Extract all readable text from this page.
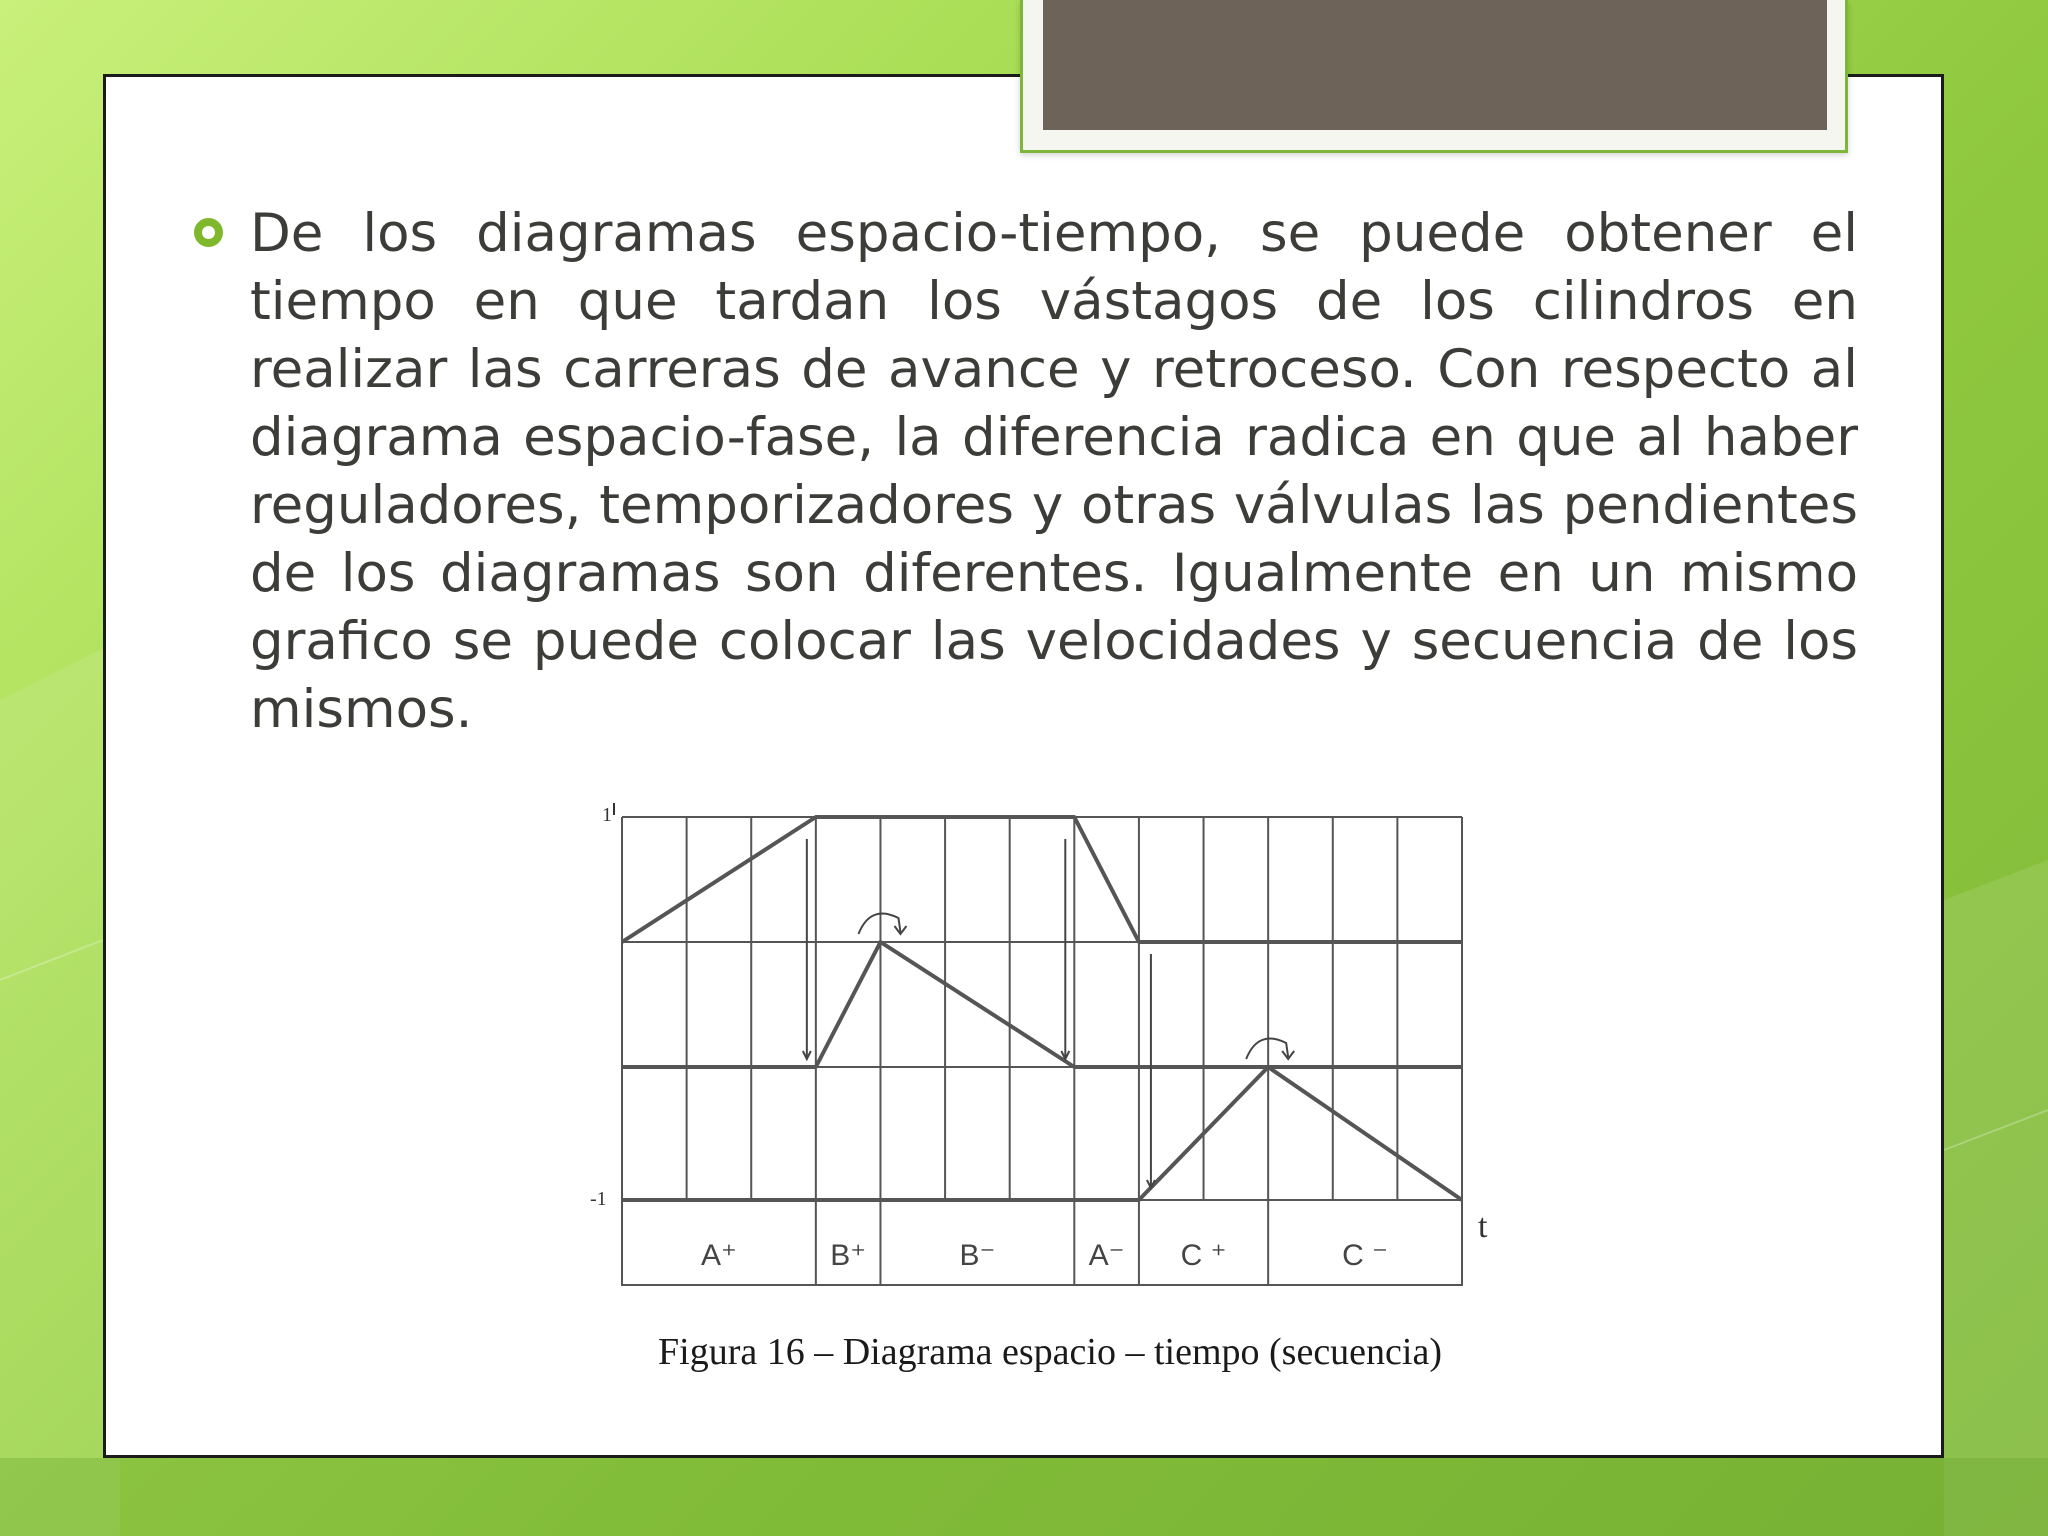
De los diagramas espacio-tiempo, se puede obtener el tiempo en que tardan los vástagos de los cilindros en realizar las carreras de avance y retroceso. Con respecto al diagrama espacio-fase, la diferencia radica en que al haber reguladores, temporizadores y otras válvulas las pendientes de los diagramas son diferentes. Igualmente en un mismo grafico se puede colocar las velocidades y secuencia de los mismos.

1
-1
t
A⁺	B⁺	B⁻	A⁻ C ⁺	C ⁻

Figura 16 – Diagrama espacio – tiempo (secuencia)
